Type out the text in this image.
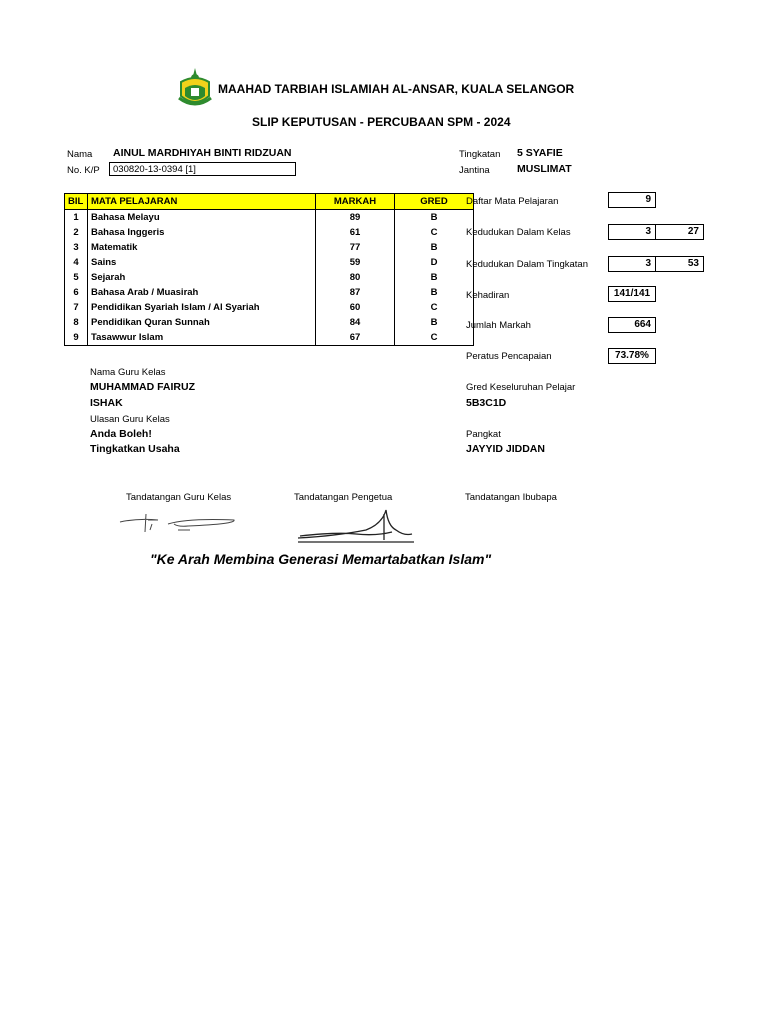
MAAHAD TARBIAH ISLAMIAH AL-ANSAR, KUALA SELANGOR
SLIP KEPUTUSAN - PERCUBAAN SPM - 2024
Nama AINUL MARDHIYAH BINTI RIDZUAN
No. K/P	030820-13-0394 [1]
Tingkatan 5 SYAFIE
Jantina	MUSLIMAT
BIL	MATA PELAJARAN	MARKAH	GRED
1	Bahasa Melayu	89	B
2	Bahasa Inggeris	61	C
3	Matematik	77	B
4	Sains	59	D
5	Sejarah	80	B
6	Bahasa Arab / Muasirah	87	B
7	Pendidikan Syariah Islam / Al Syariah	60	C
8	Pendidikan Quran Sunnah	84	B
9	Tasawwur Islam	67	C
Daftar Mata Pelajaran	9
Kedudukan Dalam Kelas	3	27
Kedudukan Dalam Tingkatan	3	53
Kehadiran	141/141
Jumlah Markah	664
Peratus Pencapaian	73.78%
Gred Keseluruhan Pelajar
5B3C1D
Pangkat
JAYYID JIDDAN
Nama Guru Kelas
MUHAMMAD FAIRUZ
ISHAK
Ulasan Guru Kelas
Anda Boleh!
Tingkatkan Usaha
Tandatangan Guru Kelas	Tandatangan Pengetua	Tandatangan Ibubapa
"Ke Arah Membina Generasi Memartabatkan Islam"
